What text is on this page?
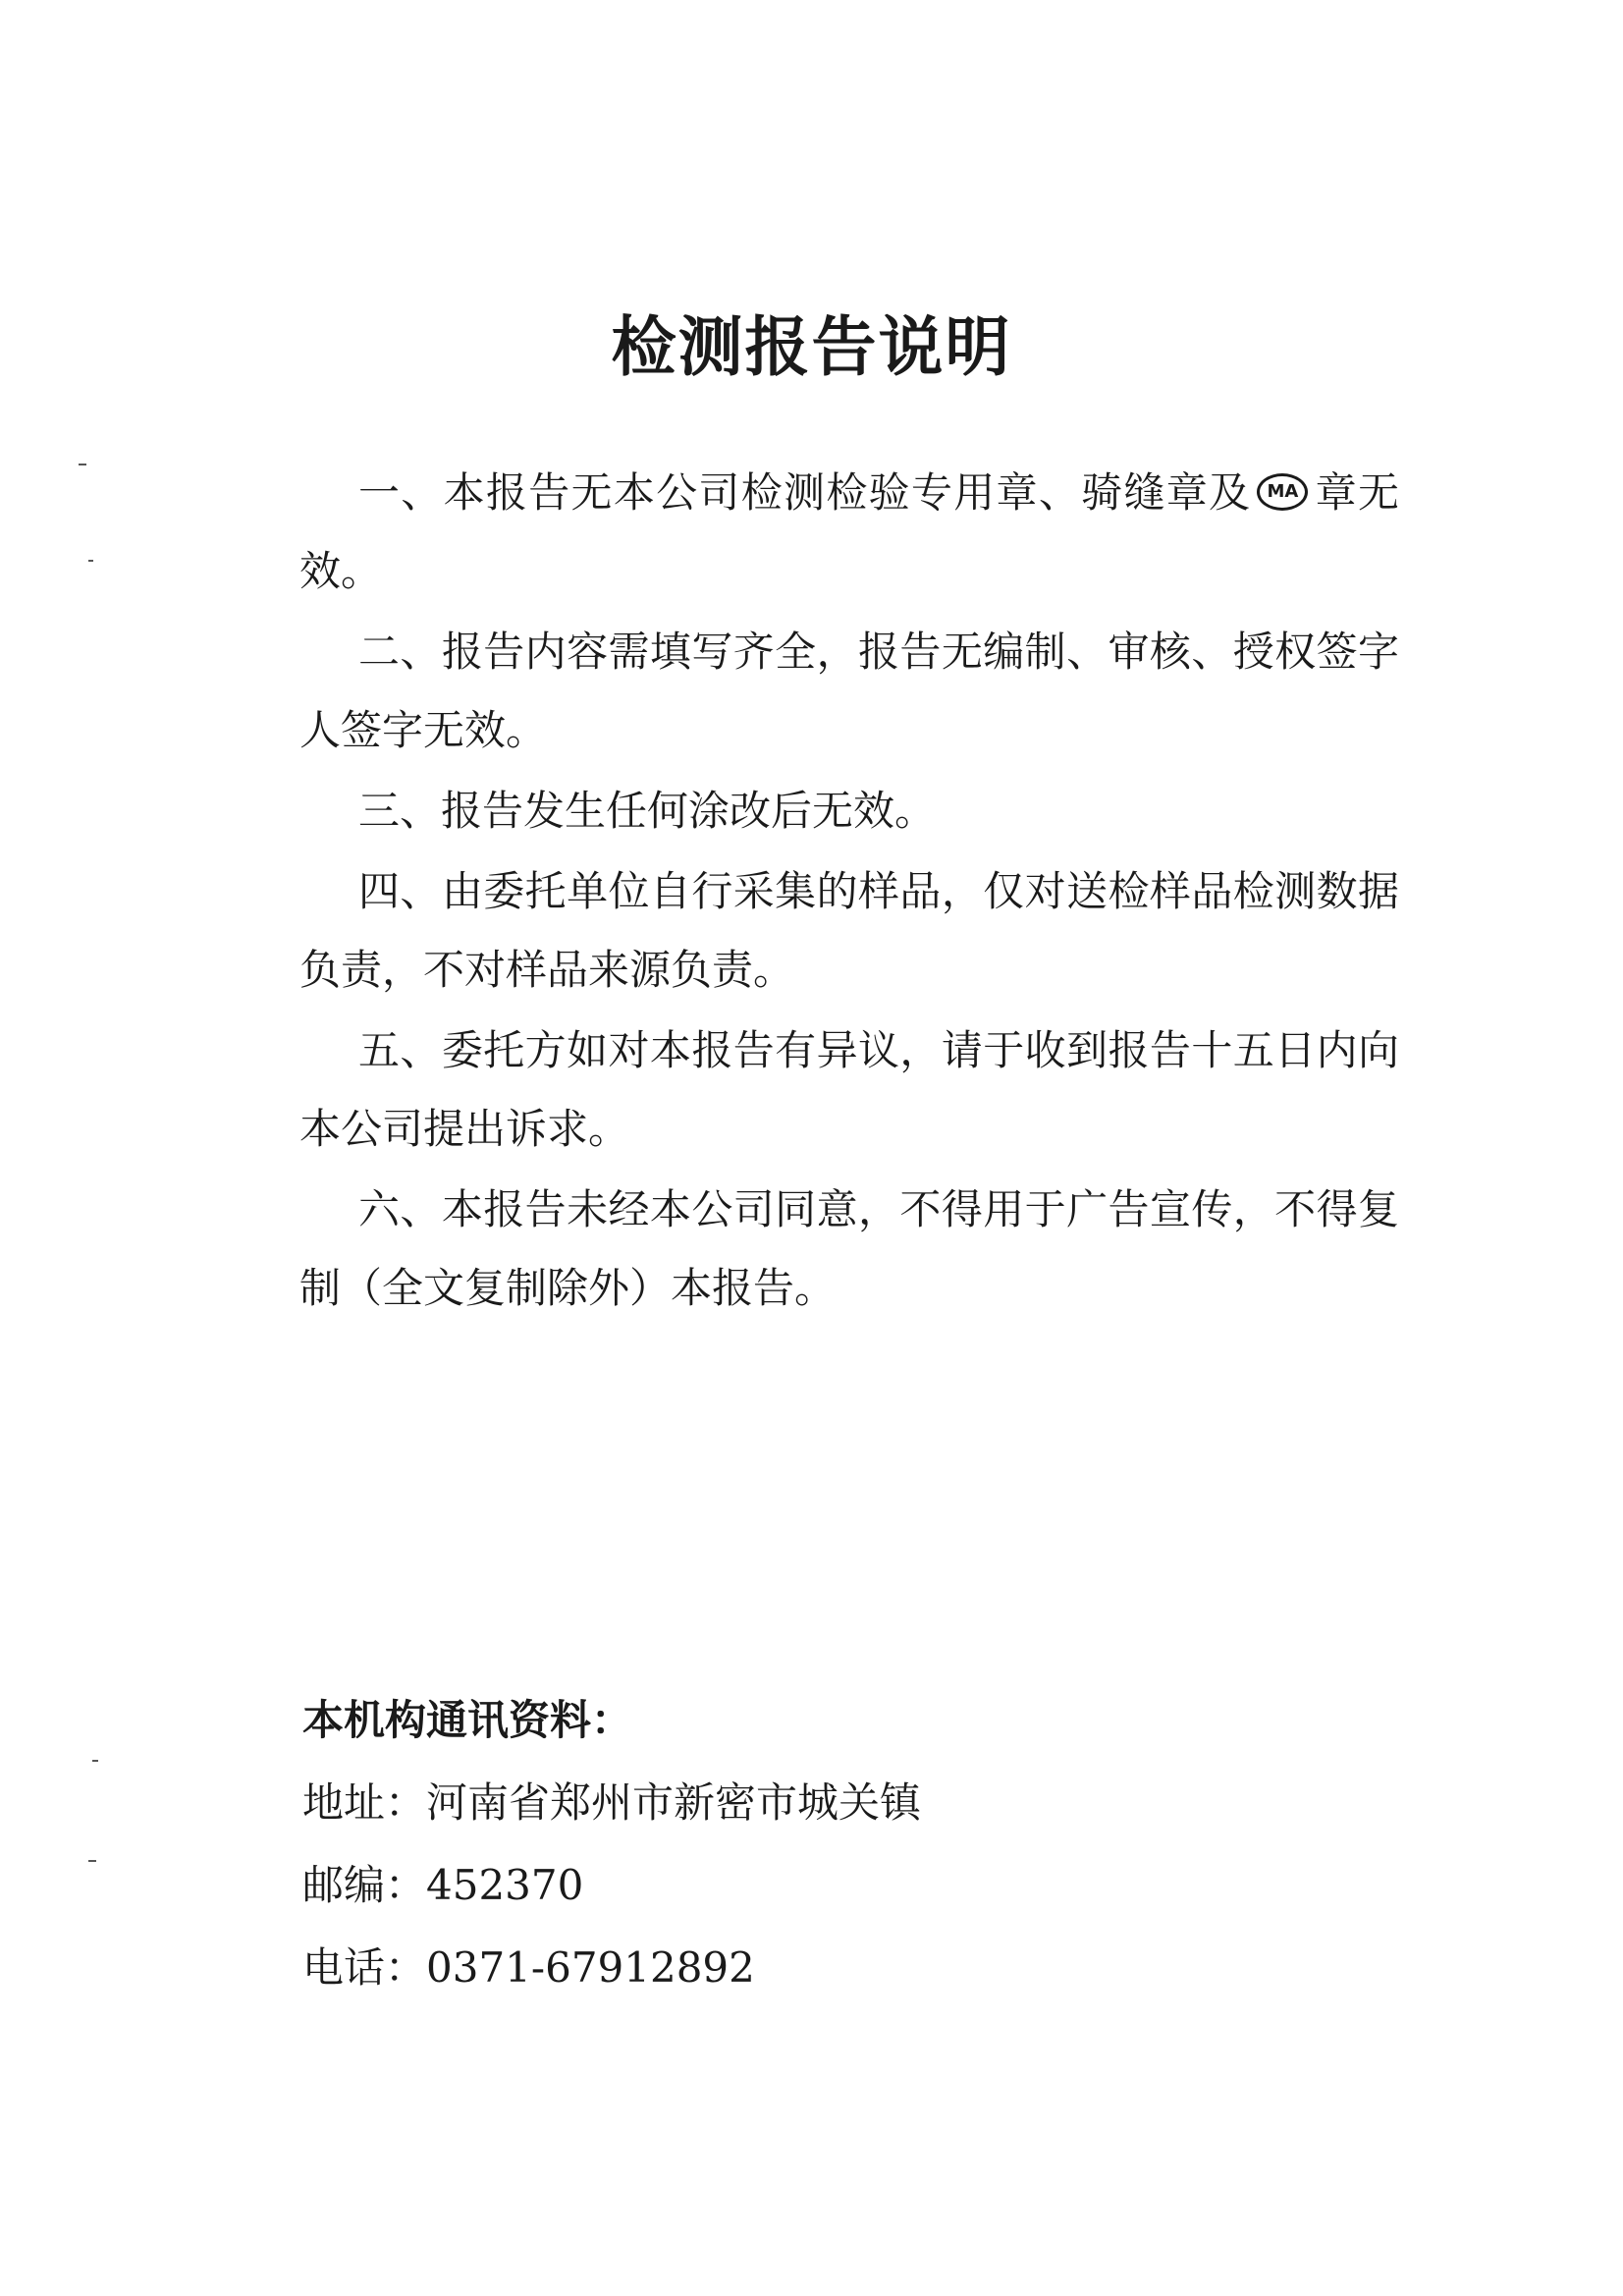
检测报告说明

一、本报告无本公司检测检验专用章、骑缝章及 MA 章无效。

二、报告内容需填写齐全，报告无编制、审核、授权签字人签字无效。

三、报告发生任何涂改后无效。

四、由委托单位自行采集的样品，仅对送检样品检测数据负责，不对样品来源负责。

五、委托方如对本报告有异议，请于收到报告十五日内向本公司提出诉求。

六、本报告未经本公司同意，不得用于广告宣传，不得复制（全文复制除外）本报告。

本机构通讯资料：
地址：河南省郑州市新密市城关镇
邮编：452370
电话：0371-67912892
